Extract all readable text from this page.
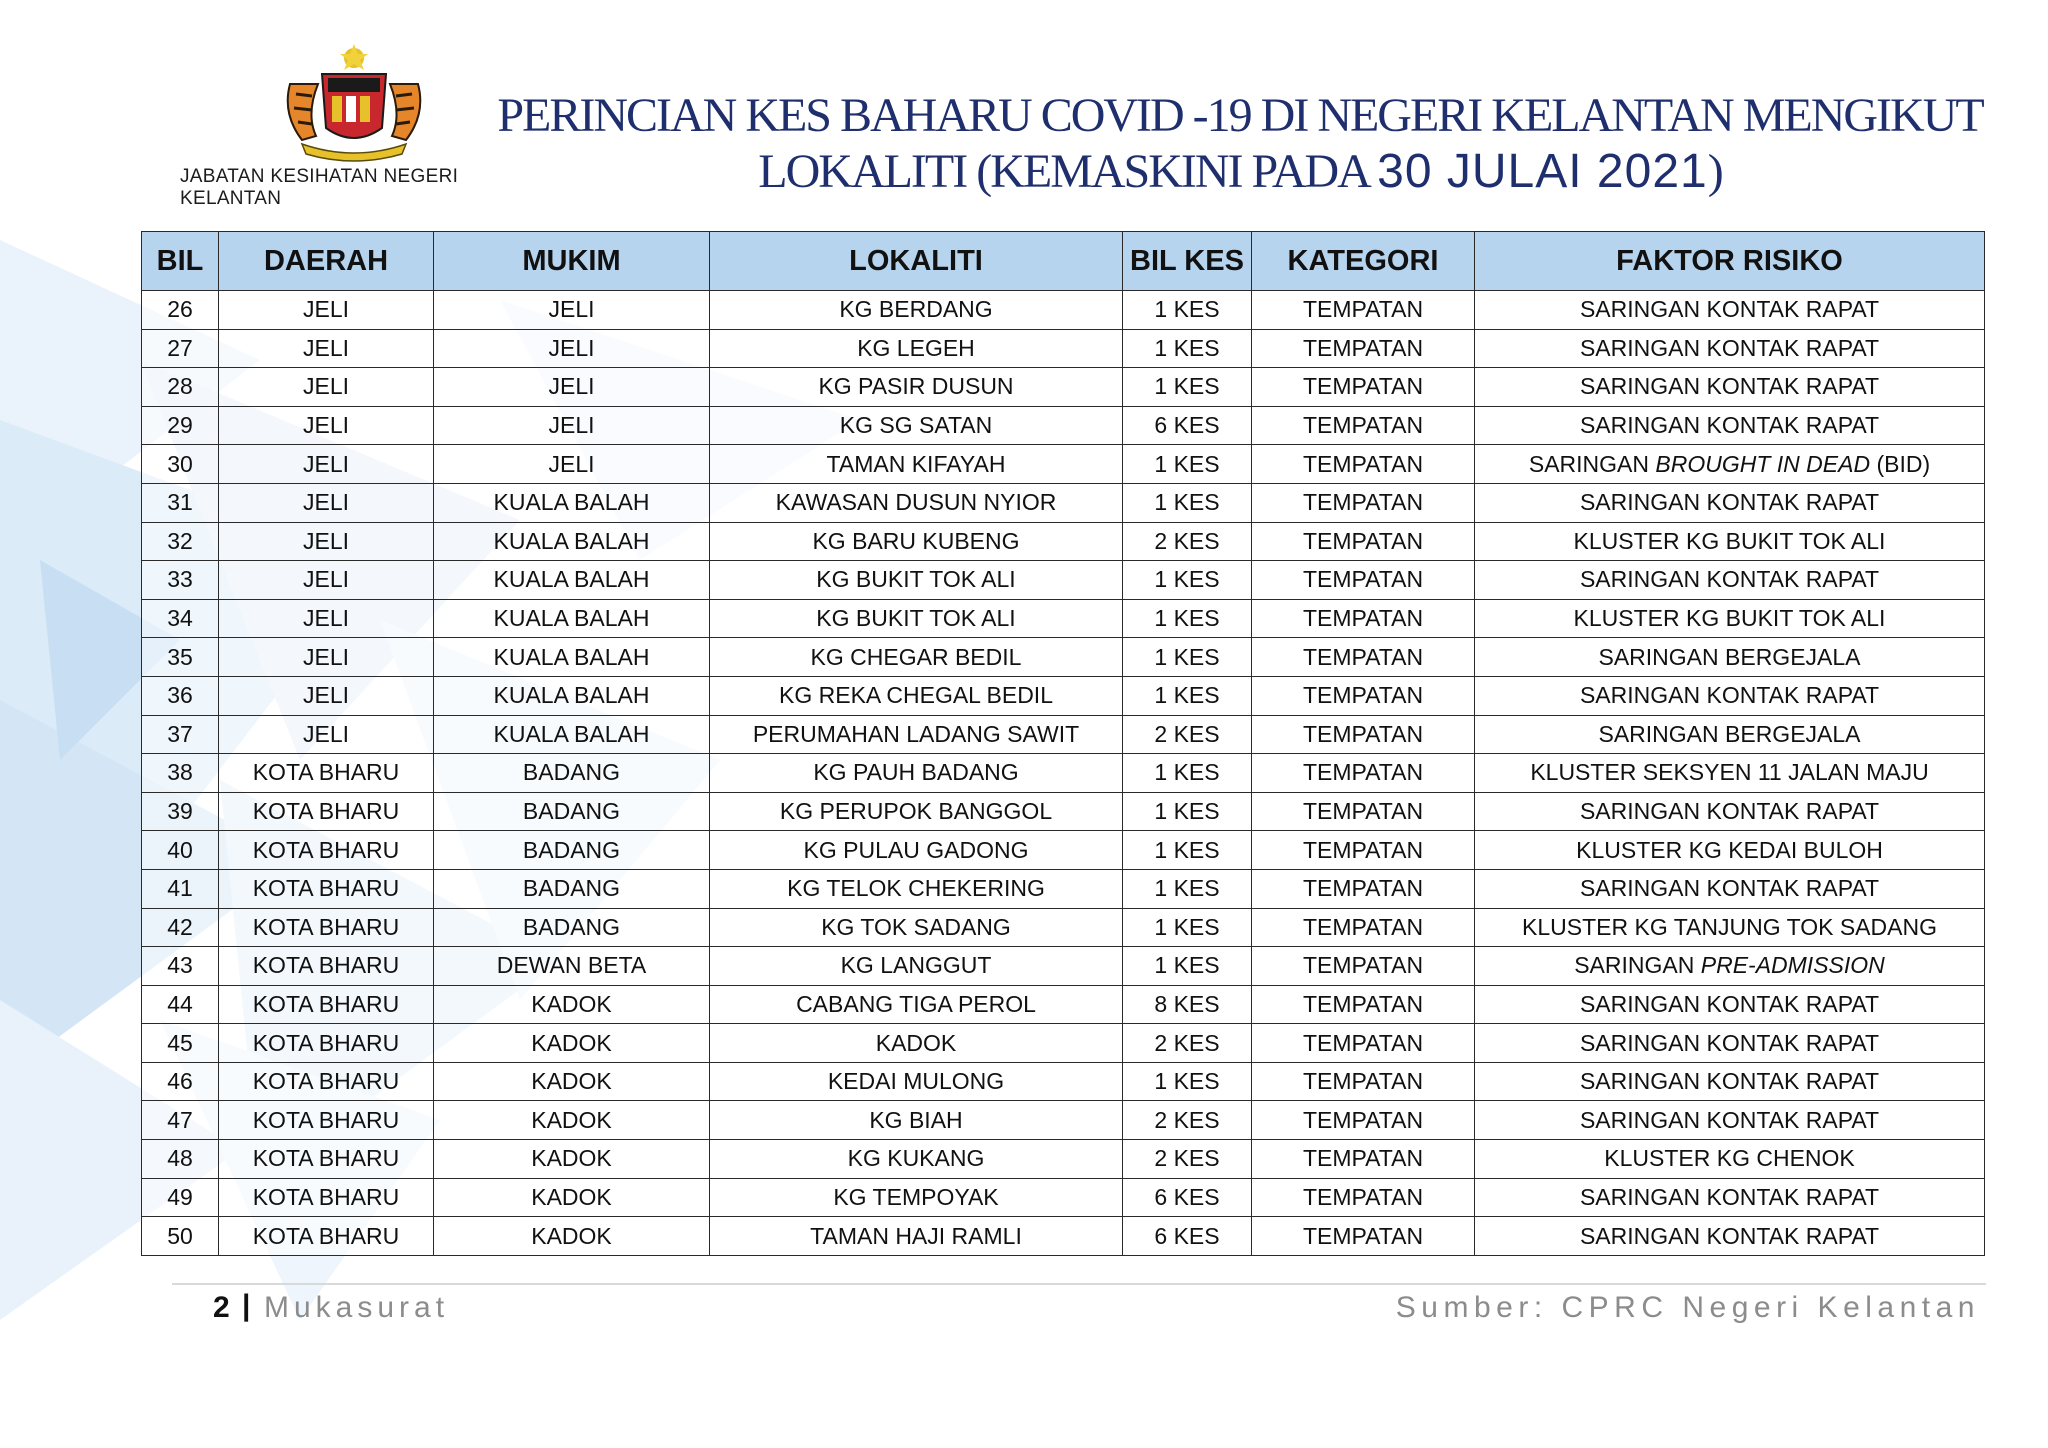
JABATAN KESIHATAN NEGERI KELANTAN
PERINCIAN KES BAHARU COVID -19 DI NEGERI KELANTAN MENGIKUT
LOKALITI (KEMASKINI PADA 30 JULAI 2021)
BIL	DAERAH	MUKIM	LOKALITI	BIL KES	KATEGORI	FAKTOR RISIKO
26	JELI	JELI	KG BERDANG	1 KES	TEMPATAN	SARINGAN KONTAK RAPAT
27	JELI	JELI	KG LEGEH	1 KES	TEMPATAN	SARINGAN KONTAK RAPAT
28	JELI	JELI	KG PASIR DUSUN	1 KES	TEMPATAN	SARINGAN KONTAK RAPAT
29	JELI	JELI	KG SG SATAN	6 KES	TEMPATAN	SARINGAN KONTAK RAPAT
30	JELI	JELI	TAMAN KIFAYAH	1 KES	TEMPATAN	SARINGAN BROUGHT IN DEAD (BID)
31	JELI	KUALA BALAH	KAWASAN DUSUN NYIOR	1 KES	TEMPATAN	SARINGAN KONTAK RAPAT
32	JELI	KUALA BALAH	KG BARU KUBENG	2 KES	TEMPATAN	KLUSTER KG BUKIT TOK ALI
33	JELI	KUALA BALAH	KG BUKIT TOK ALI	1 KES	TEMPATAN	SARINGAN KONTAK RAPAT
34	JELI	KUALA BALAH	KG BUKIT TOK ALI	1 KES	TEMPATAN	KLUSTER KG BUKIT TOK ALI
35	JELI	KUALA BALAH	KG CHEGAR BEDIL	1 KES	TEMPATAN	SARINGAN BERGEJALA
36	JELI	KUALA BALAH	KG REKA CHEGAL BEDIL	1 KES	TEMPATAN	SARINGAN KONTAK RAPAT
37	JELI	KUALA BALAH	PERUMAHAN LADANG SAWIT	2 KES	TEMPATAN	SARINGAN BERGEJALA
38	KOTA BHARU	BADANG	KG PAUH BADANG	1 KES	TEMPATAN	KLUSTER SEKSYEN 11 JALAN MAJU
39	KOTA BHARU	BADANG	KG PERUPOK BANGGOL	1 KES	TEMPATAN	SARINGAN KONTAK RAPAT
40	KOTA BHARU	BADANG	KG PULAU GADONG	1 KES	TEMPATAN	KLUSTER KG KEDAI BULOH
41	KOTA BHARU	BADANG	KG TELOK CHEKERING	1 KES	TEMPATAN	SARINGAN KONTAK RAPAT
42	KOTA BHARU	BADANG	KG TOK SADANG	1 KES	TEMPATAN	KLUSTER KG TANJUNG TOK SADANG
43	KOTA BHARU	DEWAN BETA	KG LANGGUT	1 KES	TEMPATAN	SARINGAN PRE-ADMISSION
44	KOTA BHARU	KADOK	CABANG TIGA PEROL	8 KES	TEMPATAN	SARINGAN KONTAK RAPAT
45	KOTA BHARU	KADOK	KADOK	2 KES	TEMPATAN	SARINGAN KONTAK RAPAT
46	KOTA BHARU	KADOK	KEDAI MULONG	1 KES	TEMPATAN	SARINGAN KONTAK RAPAT
47	KOTA BHARU	KADOK	KG BIAH	2 KES	TEMPATAN	SARINGAN KONTAK RAPAT
48	KOTA BHARU	KADOK	KG KUKANG	2 KES	TEMPATAN	KLUSTER KG CHENOK
49	KOTA BHARU	KADOK	KG TEMPOYAK	6 KES	TEMPATAN	SARINGAN KONTAK RAPAT
50	KOTA BHARU	KADOK	TAMAN HAJI RAMLI	6 KES	TEMPATAN	SARINGAN KONTAK RAPAT
2 | Mukasurat	Sumber: CPRC Negeri Kelantan
